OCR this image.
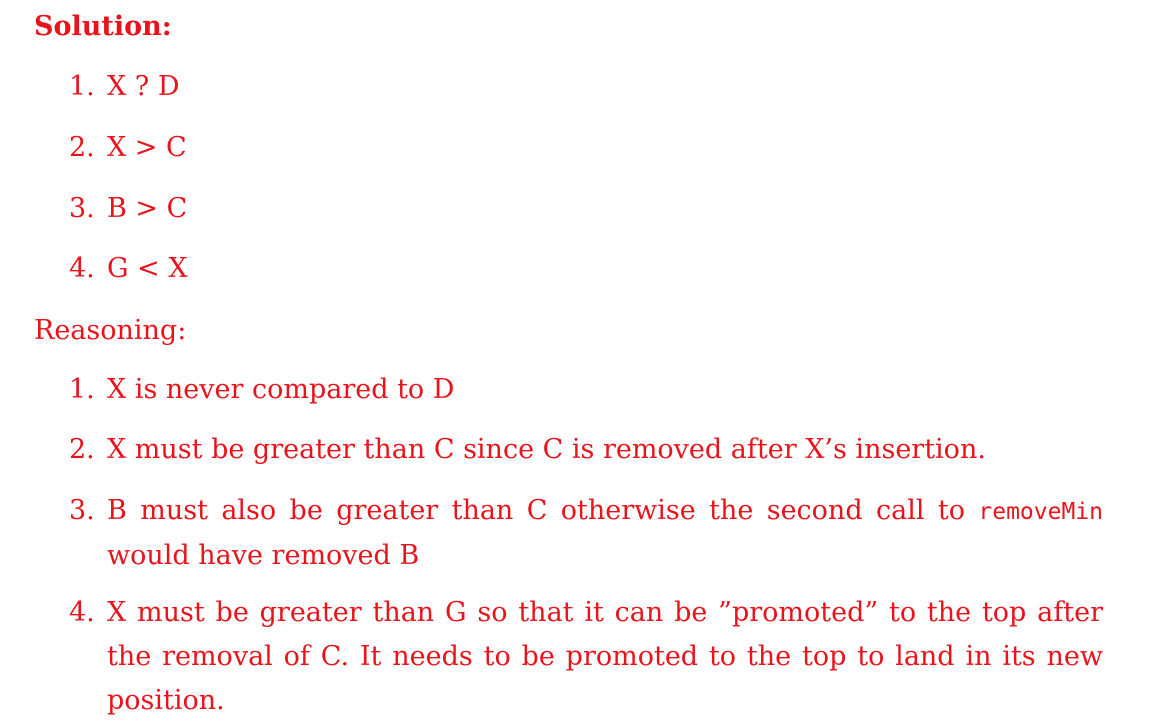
Solution:
1. X ? D
2. X > C
3. B > C
4. G < X
Reasoning:
1. X is never compared to D
2. X must be greater than C since C is removed after X’s insertion.
3. B must also be greater than C otherwise the second call to removeMin would have removed B
4. X must be greater than G so that it can be ”promoted” to the top after the removal of C. It needs to be promoted to the top to land in its new position.
